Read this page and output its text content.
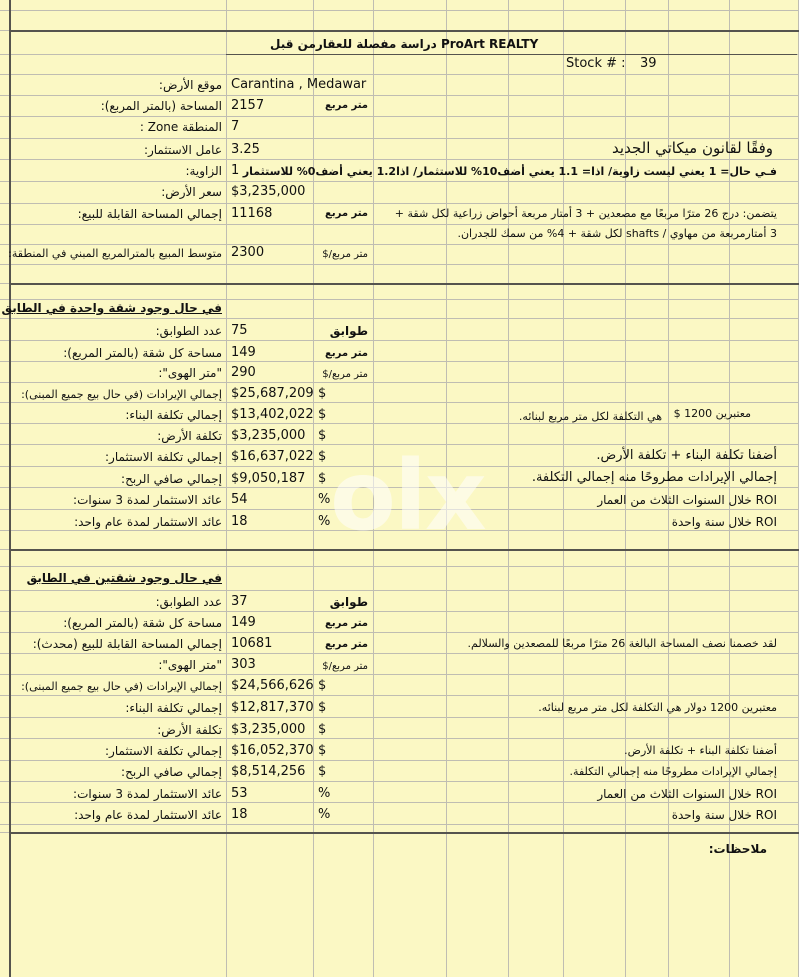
olx
دراسة مفصلة للعقارمن قبل ProArt REALTY
Stock # : 39
موقع الأرض: Carantina , Medawar
المساحة (بالمتر المربع): 2157	متر مربع
المنطقة Zone : 7
عامل الاستثمار: 3.25	وفقًا لقانون ميكاتي الجديد
الزاوية: 1 فـي حال= 1 يعني ليست زاوية/ اذا= 1.1 يعني أضف10% للاستثمار/ اذا1.2 يعني أضف0% للاستثمار
سعر الأرض: $3,235,000
إجمالي المساحة القابلة للبيع: 11168	متر مربع يتضمن: درج 26 مترًا مربعًا مع مصعدين + 3 أمتار مربعة أحواض زراعية لكل شقة +
3 أمتارمربعة من مهاوي / shafts لكل شقة + 4% من سمك للجدران.
متوسط المبيع بالمترالمربع المبني في المنطقة: 2300	متر مربع/$
في حال وجود شقة واحدة في الطابق
عدد الطوابق: 75	طوابق
مساحة كل شقة (بالمتر المربع): 149	متر مربع
"متر الهوى": 290	متر مربع/$
إجمالي الإيرادات (في حال بيع جميع المبنى): $25,687,209 $
إجمالي تكلفة البناء: $13,402,022 $	معتبرين 1200 $
هي التكلفة لكل متر مربع لبنائه.
تكلفة الأرض: $3,235,000 $
إجمالي تكلفة الاستثمار: $16,637,022 $	أضفنا تكلفة البناء + تكلفة الأرض.
إجمالي صافي الربح: $9,050,187 $	إجمالي الإيرادات مطروحًا منه إجمالي التكلفة.
عائد الاستثمار لمدة 3 سنوات: 54	%	ROI خلال السنوات الثلاث من العمار
عائد الاستثمار لمدة عام واحد: 18	%	ROI خلال سنة واحدة
في حال وجود شقتين في الطابق
عدد الطوابق: 37	طوابق
مساحة كل شقة (بالمتر المربع): 149	متر مربع
إجمالي المساحة القابلة للبيع (محدث): 10681	متر مربع	لقد خصمنا نصف المساحة البالغة 26 مترًا مربعًا للمصعدين والسلالم.
"متر الهوى": 303	متر مربع/$
إجمالي الإيرادات (في حال بيع جميع المبنى): $24,566,626 $
إجمالي تكلفة البناء: $12,817,370 $	معتبرين 1200 دولار هي التكلفة لكل متر مربع لبنائه.
تكلفة الأرض: $3,235,000 $
إجمالي تكلفة الاستثمار: $16,052,370 $	أضفنا تكلفة البناء + تكلفة الأرض.
إجمالي صافي الربح: $8,514,256 $	إجمالي الإيرادات مطروحًا منه إجمالي التكلفة.
عائد الاستثمار لمدة 3 سنوات: 53	%	ROI خلال السنوات الثلاث من العمار
عائد الاستثمار لمدة عام واحد: 18	%	ROI خلال سنة واحدة
ملاحظات:
